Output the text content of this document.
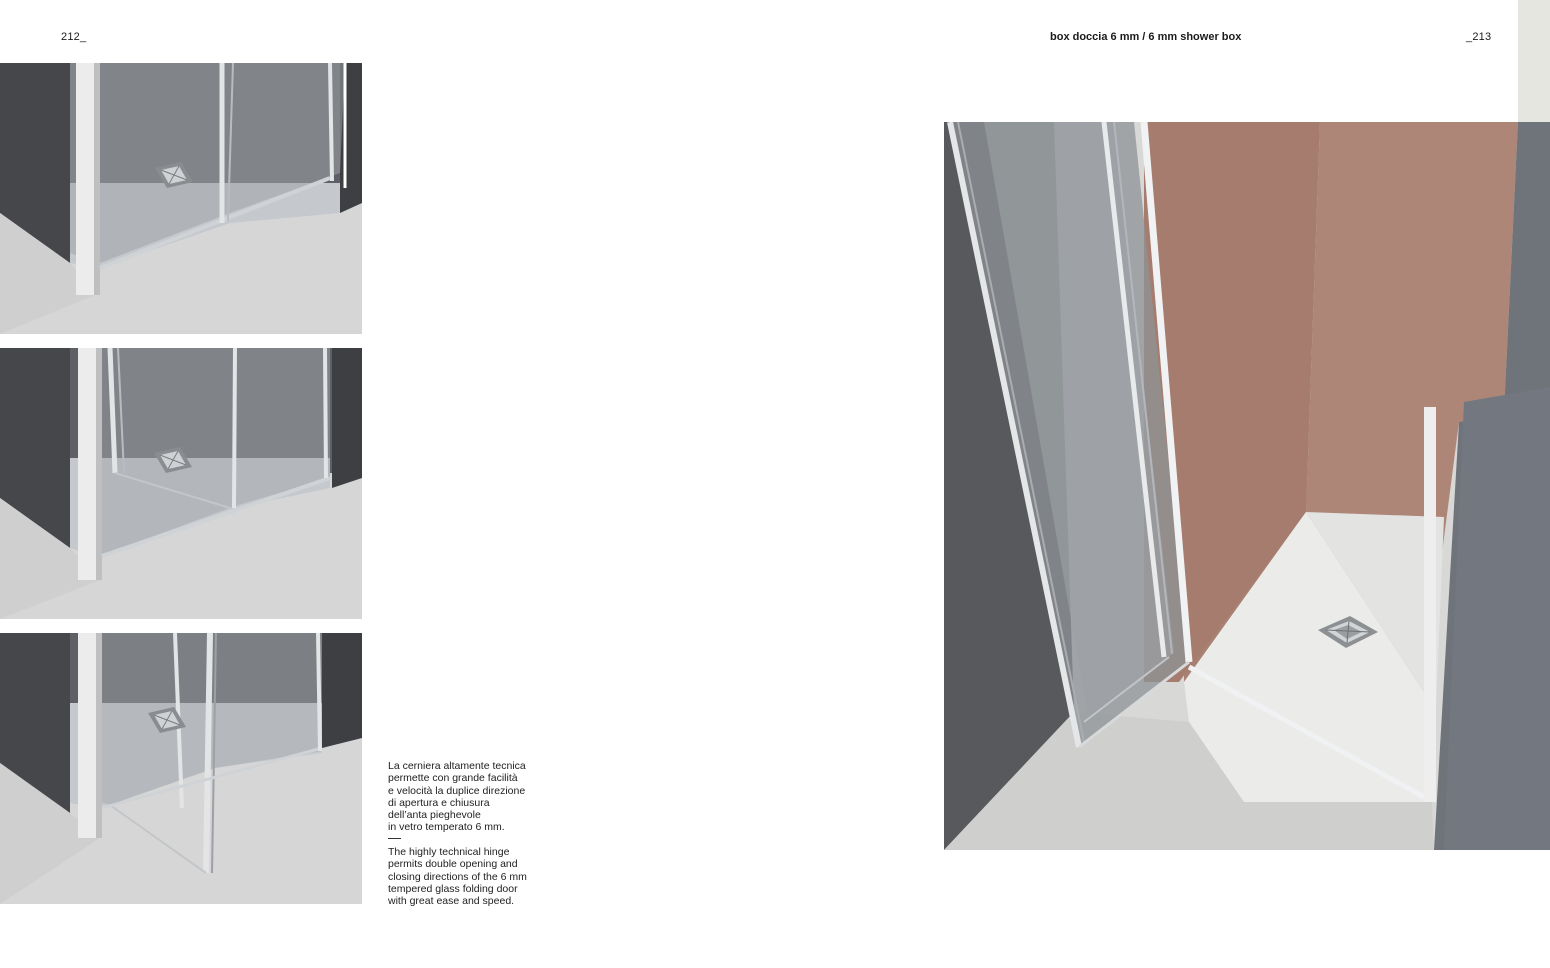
212_	box doccia 6 mm / 6 mm shower box	_213
La cerniera altamente tecnica
permette con grande facilità
e velocità la duplice direzione
di apertura e chiusura
dell’anta pieghevole
in vetro temperato 6 mm.
The highly technical hinge
permits double opening and
closing directions of the 6 mm
tempered glass folding door
with great ease and speed.
